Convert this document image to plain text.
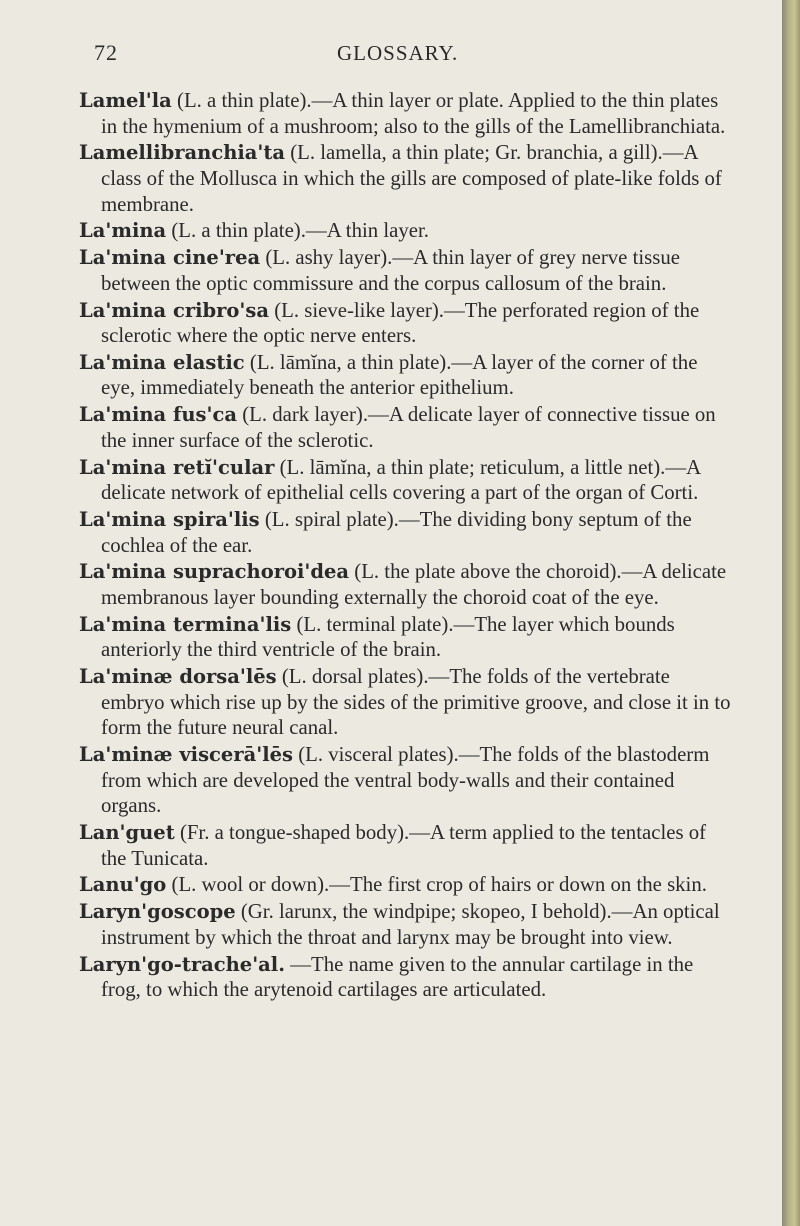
72	GLOSSARY.

Lamel'la (L. a thin plate).—A thin layer or plate. Applied to the thin plates in the hymenium of a mushroom; also to the gills of the Lamellibranchiata.

Lamellibranchia'ta (L. lamella, a thin plate; Gr. branchia, a gill).—A class of the Mollusca in which the gills are composed of plate-like folds of membrane.

La'mina (L. a thin plate).—A thin layer.

La'mina cine'rea (L. ashy layer).—A thin layer of grey nerve tissue between the optic commissure and the corpus callosum of the brain.

La'mina cribro'sa (L. sieve-like layer).—The perforated region of the sclerotic where the optic nerve enters.

La'mina elastic (L. lāmĭna, a thin plate).—A layer of the corner of the eye, immediately beneath the anterior epithelium.

La'mina fus'ca (L. dark layer).—A delicate layer of connective tissue on the inner surface of the sclerotic.

La'mina retĭ'cular (L. lāmĭna, a thin plate; reticulum, a little net).—A delicate network of epithelial cells covering a part of the organ of Corti.

La'mina spira'lis (L. spiral plate).—The dividing bony septum of the cochlea of the ear.

La'mina suprachoroi'dea (L. the plate above the choroid).—A delicate membranous layer bounding externally the choroid coat of the eye.

La'mina termina'lis (L. terminal plate).—The layer which bounds anteriorly the third ventricle of the brain.

La'minæ dorsa'lēs (L. dorsal plates).—The folds of the vertebrate embryo which rise up by the sides of the primitive groove, and close it in to form the future neural canal.

La'minæ viscerā'lēs (L. visceral plates).—The folds of the blastoderm from which are developed the ventral body-walls and their contained organs.

Lan'guet (Fr. a tongue-shaped body).—A term applied to the tentacles of the Tunicata.

Lanu'go (L. wool or down).—The first crop of hairs or down on the skin.

Laryn'goscope (Gr. larunx, the windpipe; skopeo, I behold).—An optical instrument by which the throat and larynx may be brought into view.

Laryn'go-trache'al. —The name given to the annular cartilage in the frog, to which the arytenoid cartilages are articulated.
